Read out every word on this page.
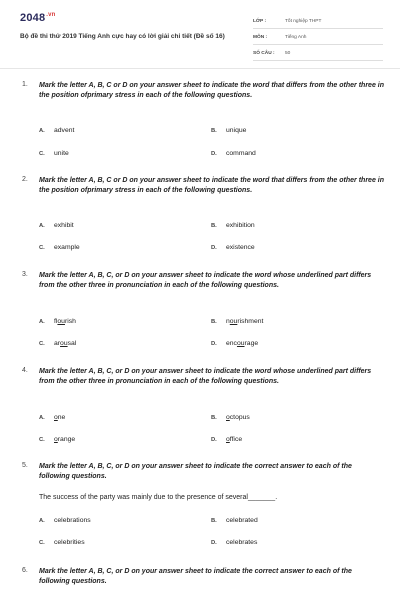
$2048^{.vn}$
Bộ đề thi thử 2019 Tiếng Anh cực hay có lời giải chi tiết (Đề số 16)
LỚP :	Tốt nghiệp THPT
MÔN :	Tiếng Anh
SỐ CÂU :	50
1. Mark the letter A, B, C or D on your answer sheet to indicate the word that differs from the other three in the position ofprimary stress in each of the following questions.
A.	advent	B.	unique
C.	unite	D.	command
2. Mark the letter A, B, C or D on your answer sheet to indicate the word that differs from the other three in the position ofprimary stress in each of the following questions.
A.	exhibit	B.	exhibition
C.	example	D.	existence
3. Mark the letter A, B, C, or D on your answer sheet to indicate the word whose underlined part differs from the other three in pronunciation in each of the following questions.
A.	fl ou rish	B.	n ou rishment
C.	ar ou sal	D.	enc ou rage
4. Mark the letter A, B, C, or D on your answer sheet to indicate the word whose underlined part differs from the other three in pronunciation in each of the following questions.
A.	o ne	B.	o ctopus
C.	o range	D.	o ffice
5. Mark the letter A, B, C, or D on your answer sheet to indicate the correct answer to each of the following questions.
The success of the party was mainly due to the presence of several_______.
A.	celebrations	B.	celebrated
C.	celebrities	D.	celebrates
6. Mark the letter A, B, C, or D on your answer sheet to indicate the correct answer to each of the following questions.
